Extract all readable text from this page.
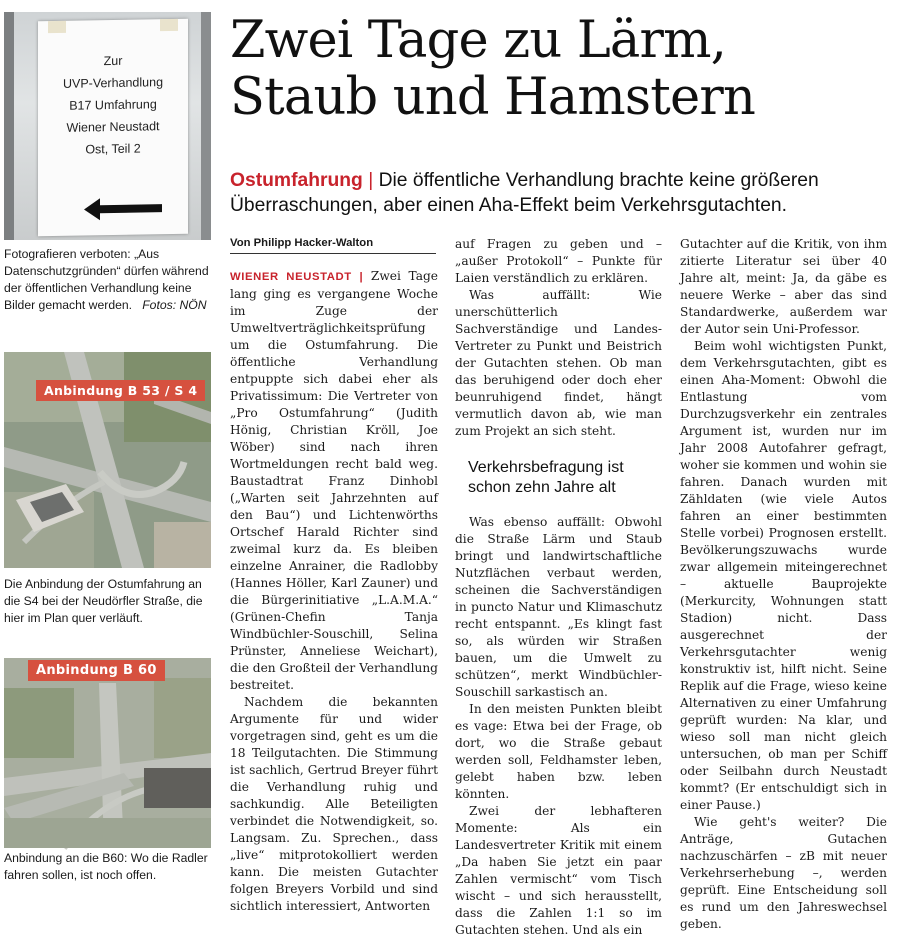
Zur
UVP-Verhandlung
B17 Umfahrung
Wiener Neustadt
Ost, Teil 2
Fotografieren verboten: „Aus Datenschutzgründen“ dürfen während der öffentlichen Verhandlung keine Bilder gemacht werden. Fotos: NÖN
Anbindung B 53 / S 4
Die Anbindung der Ostumfahrung an die S4 bei der Neudörfler Straße, die hier im Plan quer verläuft.
Anbindung B 60
Anbindung an die B60: Wo die Radler fahren sollen, ist noch offen.
Zwei Tage zu Lärm,
Staub und Hamstern
Ostumfahrung | Die öffentliche Verhandlung brachte keine größeren Überraschungen, aber einen Aha-Effekt beim Verkehrsgutachten.
Von Philipp Hacker-Walton

WIENER NEUSTADT | Zwei Tage lang ging es vergangene Woche im Zuge der Umweltverträglichkeitsprüfung um die Ostumfahrung. Die öffentliche Verhandlung entpuppte sich dabei eher als Privatissimum: Die Vertreter von „Pro Ostumfahrung“ (Judith Hönig, Christian Kröll, Joe Wöber) sind nach ihren Wortmeldungen recht bald weg. Baustadtrat Franz Dinhobl („Warten seit Jahrzehnten auf den Bau“) und Lichtenwörths Ortschef Harald Richter sind zweimal kurz da. Es bleiben einzelne Anrainer, die Radlobby (Hannes Höller, Karl Zauner) und die Bürgerinitiative „L.A.M.A.“ (Grünen-Chefin Tanja Windbüchler-Souschill, Selina Prünster, Anneliese Weichart), die den Großteil der Verhandlung bestreitet.

Nachdem die bekannten Argumente für und wider vorgetragen sind, geht es um die 18 Teilgutachten. Die Stimmung ist sachlich, Gertrud Breyer führt die Verhandlung ruhig und sachkundig. Alle Beteiligten verbindet die Notwendigkeit, so. Langsam. Zu. Sprechen., dass „live“ mitprotokolliert werden kann. Die meisten Gutachter folgen Breyers Vorbild und sind sichtlich interessiert, Antworten

auf Fragen zu geben und – „außer Protokoll“ – Punkte für Laien verständlich zu erklären.

Was auffällt: Wie unerschütterlich Sachverständige und Landes-Vertreter zu Punkt und Beistrich der Gutachten stehen. Ob man das beruhigend oder doch eher beunruhigend findet, hängt vermutlich davon ab, wie man zum Projekt an sich steht.

Verkehrsbefragung ist schon zehn Jahre alt

Was ebenso auffällt: Obwohl die Straße Lärm und Staub bringt und landwirtschaftliche Nutzflächen verbaut werden, scheinen die Sachverständigen in puncto Natur und Klimaschutz recht entspannt. „Es klingt fast so, als würden wir Straßen bauen, um die Umwelt zu schützen“, merkt Windbüchler-Souschill sarkastisch an.

In den meisten Punkten bleibt es vage: Etwa bei der Frage, ob dort, wo die Straße gebaut werden soll, Feldhamster leben, gelebt haben bzw. leben könnten.

Zwei der lebhafteren Momente: Als ein Landesvertreter Kritik mit einem „Da haben Sie jetzt ein paar Zahlen vermischt“ vom Tisch wischt – und sich herausstellt, dass die Zahlen 1:1 so im Gutachten stehen. Und als ein

Gutachter auf die Kritik, von ihm zitierte Literatur sei über 40 Jahre alt, meint: Ja, da gäbe es neuere Werke – aber das sind Standardwerke, außerdem war der Autor sein Uni-Professor.

Beim wohl wichtigsten Punkt, dem Verkehrsgutachten, gibt es einen Aha-Moment: Obwohl die Entlastung vom Durchzugsverkehr ein zentrales Argument ist, wurden nur im Jahr 2008 Autofahrer gefragt, woher sie kommen und wohin sie fahren. Danach wurden mit Zähldaten (wie viele Autos fahren an einer bestimmten Stelle vorbei) Prognosen erstellt. Bevölkerungszuwachs wurde zwar allgemein miteingerechnet – aktuelle Bauprojekte (Merkurcity, Wohnungen statt Stadion) nicht. Dass ausgerechnet der Verkehrsgutachter wenig konstruktiv ist, hilft nicht. Seine Replik auf die Frage, wieso keine Alternativen zu einer Umfahrung geprüft wurden: Na klar, und wieso soll man nicht gleich untersuchen, ob man per Schiff oder Seilbahn durch Neustadt kommt? (Er entschuldigt sich in einer Pause.)

Wie geht's weiter? Die Anträge, Gutachen nachzuschärfen – zB mit neuer Verkehrserhebung –, werden geprüft. Eine Entscheidung soll es rund um den Jahreswechsel geben.
